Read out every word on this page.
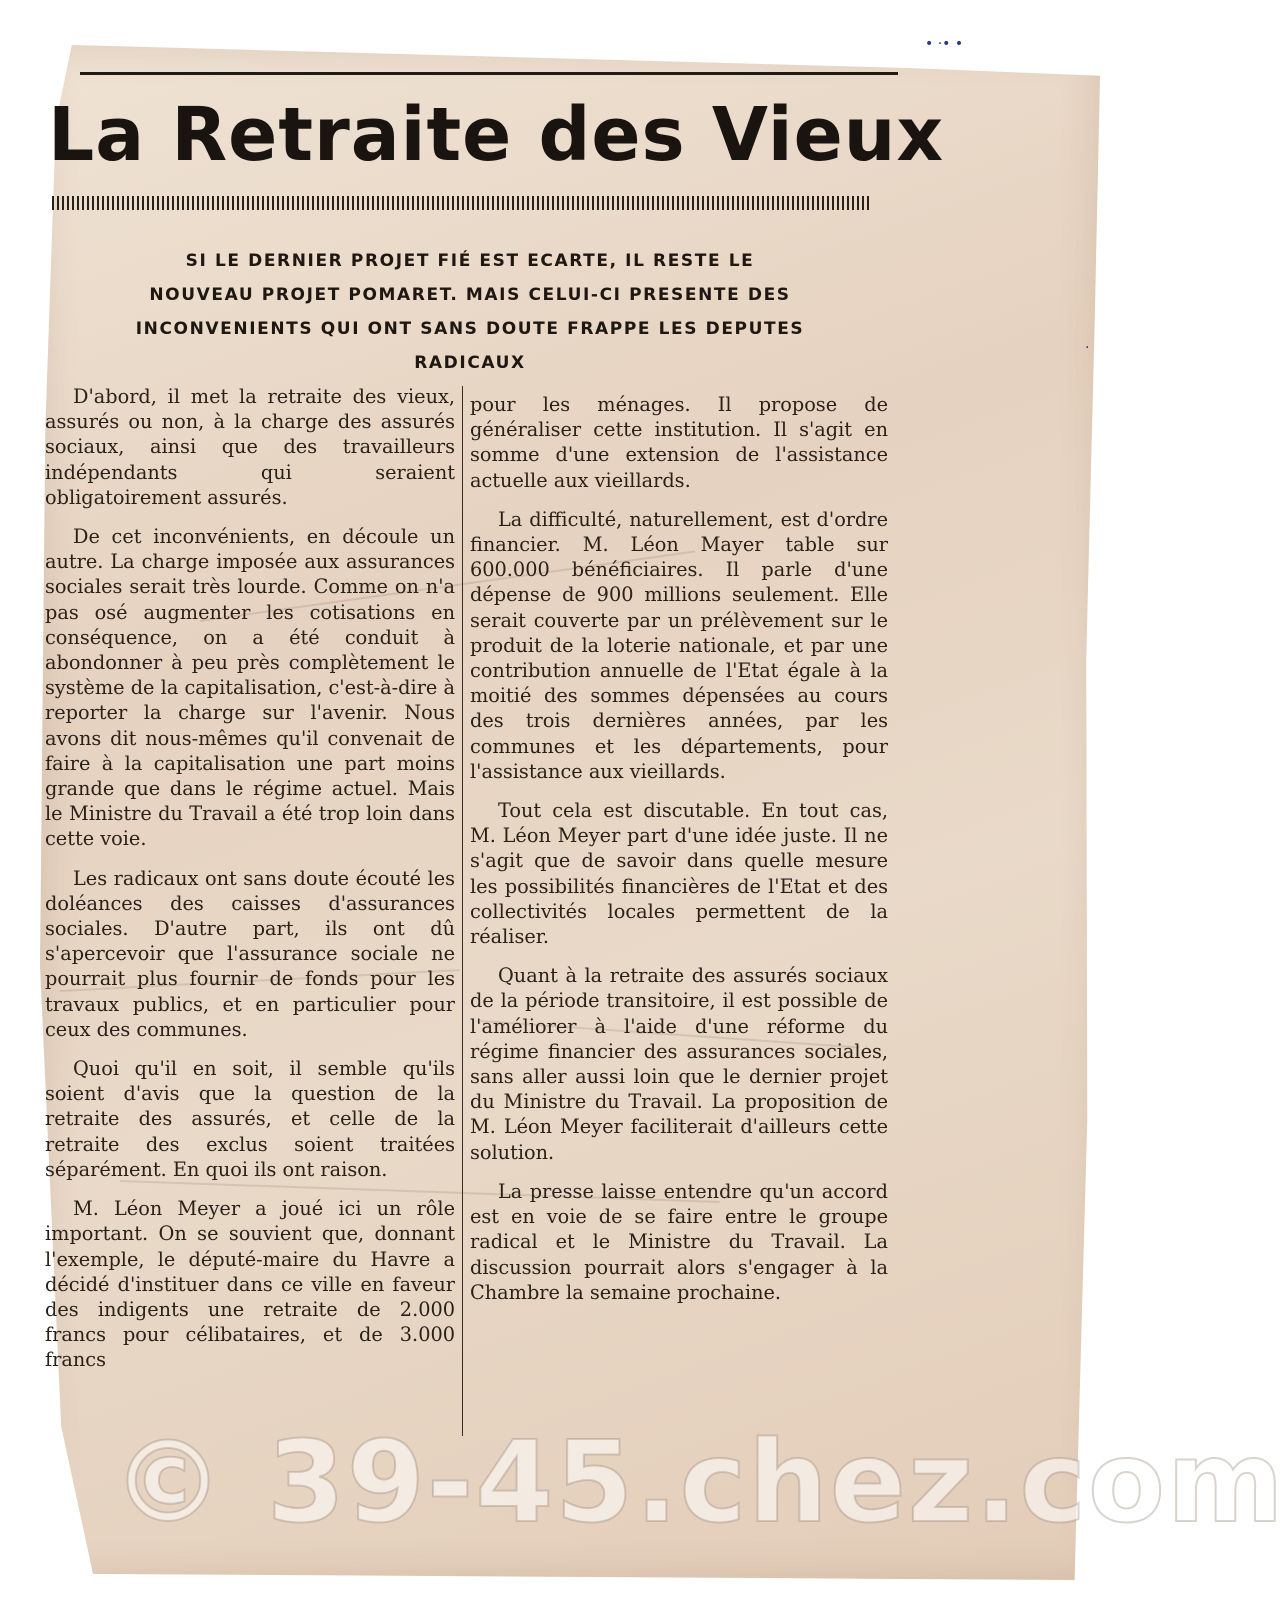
La Retraite des Vieux
SI LE DERNIER PROJET FIÉ EST ECARTE, IL RESTE LE NOUVEAU PROJET POMARET. MAIS CELUI-CI PRESENTE DES INCONVENIENTS QUI ONT SANS DOUTE FRAPPE LES DEPUTES RADICAUX

D'abord, il met la retraite des vieux, assurés ou non, à la charge des assurés sociaux, ainsi que des travailleurs indépendants qui seraient obligatoirement assurés.

De cet inconvénients, en découle un autre. La charge imposée aux assurances sociales serait très lourde. Comme on n'a pas osé augmenter les cotisations en conséquence, on a été conduit à abondonner à peu près complètement le système de la capitalisation, c'est-à-dire à reporter la charge sur l'avenir. Nous avons dit nous-mêmes qu'il convenait de faire à la capitalisation une part moins grande que dans le régime actuel. Mais le Ministre du Travail a été trop loin dans cette voie.

Les radicaux ont sans doute écouté les doléances des caisses d'assurances sociales. D'autre part, ils ont dû s'apercevoir que l'assurance sociale ne pourrait plus fournir de fonds pour les travaux publics, et en particulier pour ceux des communes.

Quoi qu'il en soit, il semble qu'ils soient d'avis que la question de la retraite des assurés, et celle de la retraite des exclus soient traitées séparément. En quoi ils ont raison.

M. Léon Meyer a joué ici un rôle important. On se souvient que, donnant l'exemple, le député-maire du Havre a décidé d'instituer dans ce ville en faveur des indigents une retraite de 2.000 francs pour célibataires, et de 3.000 francs

pour les ménages. Il propose de généraliser cette institution. Il s'agit en somme d'une extension de l'assistance actuelle aux vieillards.

La difficulté, naturellement, est d'ordre financier. M. Léon Mayer table sur 600.000 bénéficiaires. Il parle d'une dépense de 900 millions seulement. Elle serait couverte par un prélèvement sur le produit de la loterie nationale, et par une contribution annuelle de l'Etat égale à la moitié des sommes dépensées au cours des trois dernières années, par les communes et les départements, pour l'assistance aux vieillards.

Tout cela est discutable. En tout cas, M. Léon Meyer part d'une idée juste. Il ne s'agit que de savoir dans quelle mesure les possibilités financières de l'Etat et des collectivités locales permettent de la réaliser.

Quant à la retraite des assurés sociaux de la période transitoire, il est possible de l'améliorer à l'aide d'une réforme du régime financier des assurances sociales, sans aller aussi loin que le dernier projet du Ministre du Travail. La proposition de M. Léon Meyer faciliterait d'ailleurs cette solution.

La presse laisse entendre qu'un accord est en voie de se faire entre le groupe radical et le Ministre du Travail. La discussion pourrait alors s'engager à la Chambre la semaine prochaine.

© 39-45.chez.com
• ·• •
·
